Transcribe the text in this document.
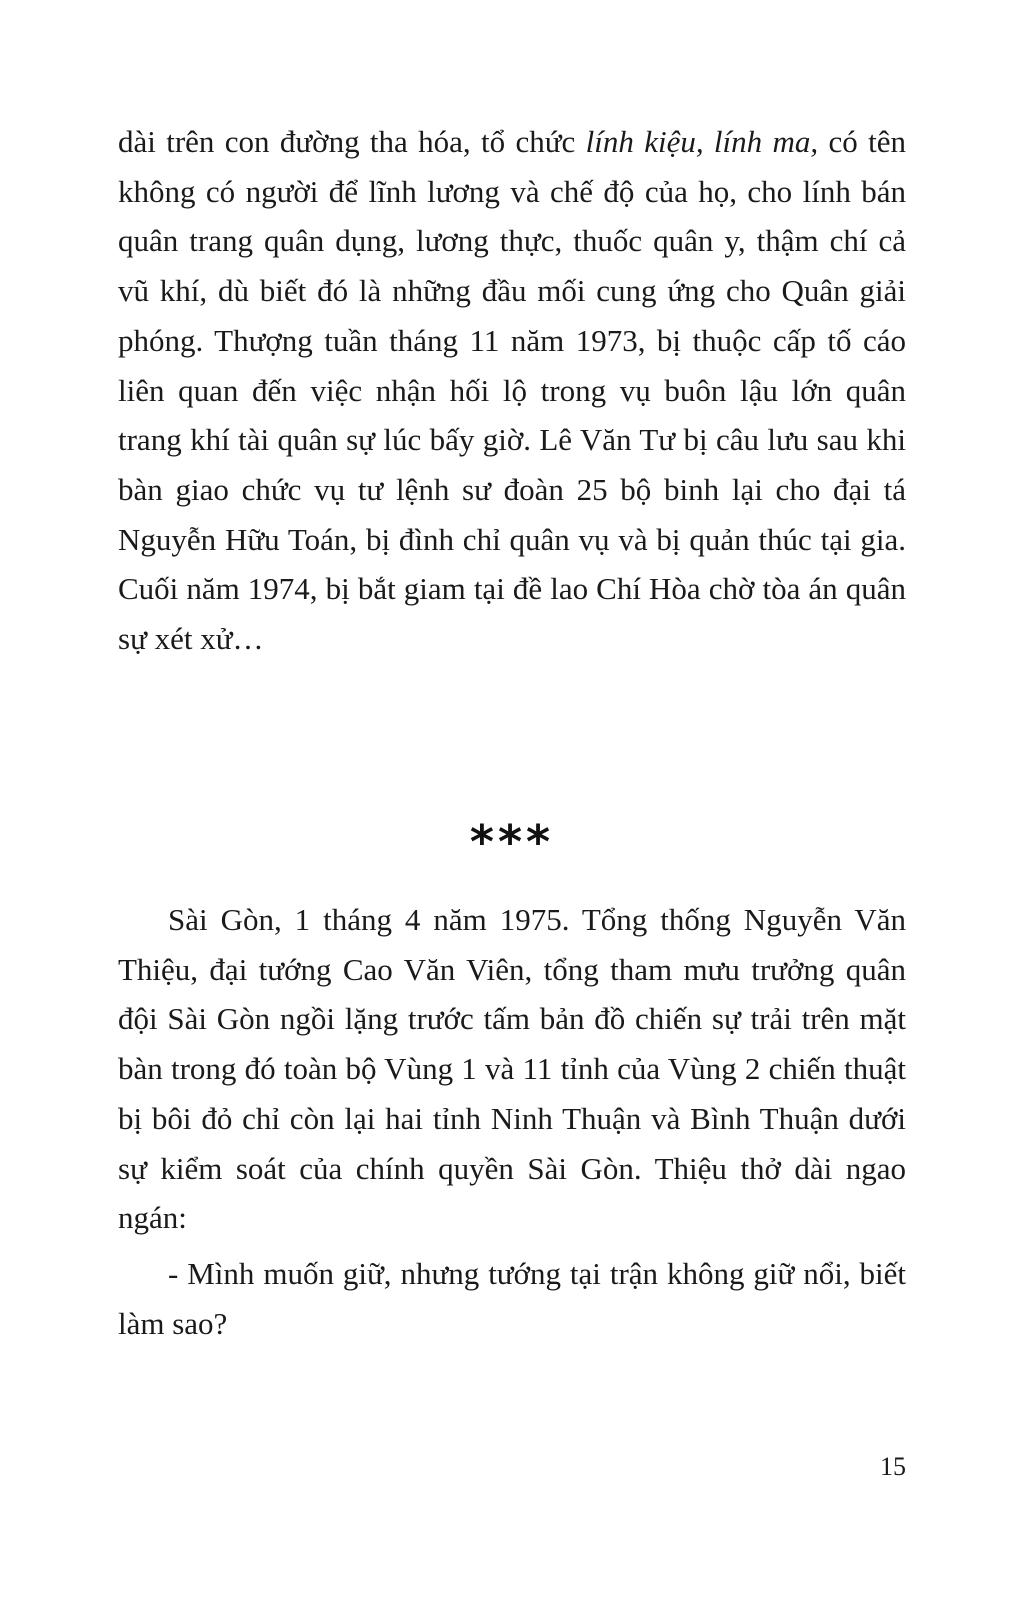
dài trên con đường tha hóa, tổ chức lính kiệu, lính ma, có tên không có người để lĩnh lương và chế độ của họ, cho lính bán quân trang quân dụng, lương thực, thuốc quân y, thậm chí cả vũ khí, dù biết đó là những đầu mối cung ứng cho Quân giải phóng. Thượng tuần tháng 11 năm 1973, bị thuộc cấp tố cáo liên quan đến việc nhận hối lộ trong vụ buôn lậu lớn quân trang khí tài quân sự lúc bấy giờ. Lê Văn Tư bị câu lưu sau khi bàn giao chức vụ tư lệnh sư đoàn 25 bộ binh lại cho đại tá Nguyễn Hữu Toán, bị đình chỉ quân vụ và bị quản thúc tại gia. Cuối năm 1974, bị bắt giam tại đề lao Chí Hòa chờ tòa án quân sự xét xử…

***

Sài Gòn, 1 tháng 4 năm 1975. Tổng thống Nguyễn Văn Thiệu, đại tướng Cao Văn Viên, tổng tham mưu trưởng quân đội Sài Gòn ngồi lặng trước tấm bản đồ chiến sự trải trên mặt bàn trong đó toàn bộ Vùng 1 và 11 tỉnh của Vùng 2 chiến thuật bị bôi đỏ chỉ còn lại hai tỉnh Ninh Thuận và Bình Thuận dưới sự kiểm soát của chính quyền Sài Gòn. Thiệu thở dài ngao ngán:

- Mình muốn giữ, nhưng tướng tại trận không giữ nổi, biết làm sao?

15
